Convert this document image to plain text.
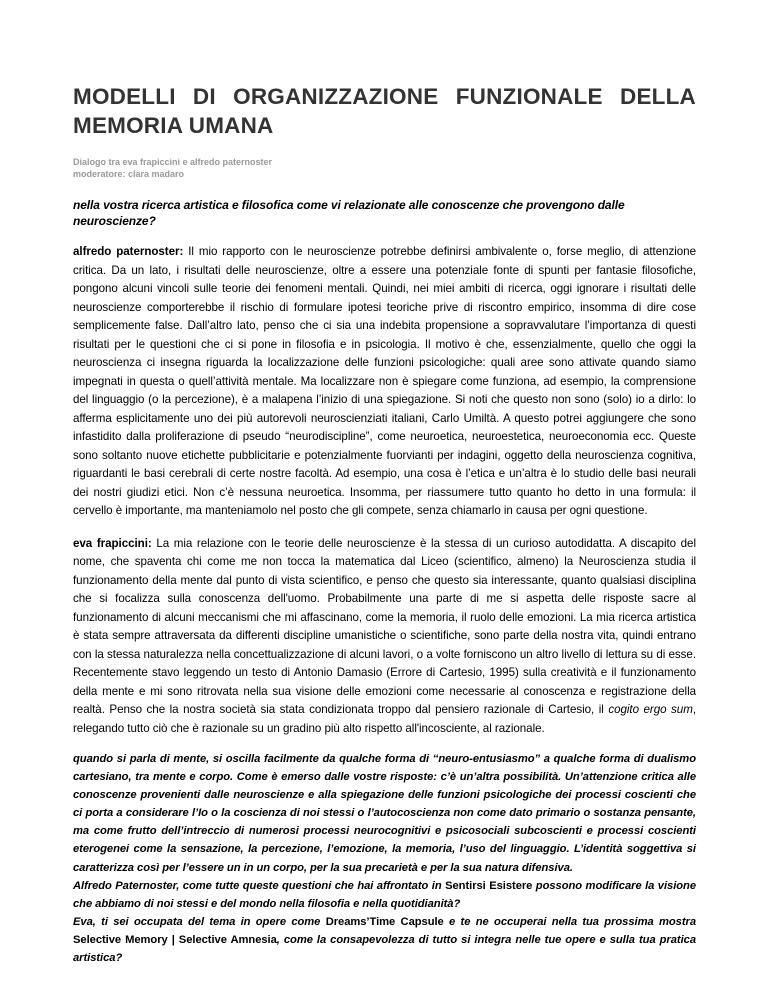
MODELLI DI ORGANIZZAZIONE FUNZIONALE DELLA MEMORIA UMANA
Dialogo tra eva frapiccini e alfredo paternoster
moderatore: clara madaro
nella vostra ricerca artistica e filosofica come vi relazionate alle conoscenze che provengono dalle neuroscienze?

alfredo paternoster: Il mio rapporto con le neuroscienze potrebbe definirsi ambivalente o, forse meglio, di attenzione critica. Da un lato, i risultati delle neuroscienze, oltre a essere una potenziale fonte di spunti per fantasie filosofiche, pongono alcuni vincoli sulle teorie dei fenomeni mentali. Quindi, nei miei ambiti di ricerca, oggi ignorare i risultati delle neuroscienze comporterebbe il rischio di formulare ipotesi teoriche prive di riscontro empirico, insomma di dire cose semplicemente false. Dall’altro lato, penso che ci sia una indebita propensione a sopravvalutare l’importanza di questi risultati per le questioni che ci si pone in filosofia e in psicologia. Il motivo è che, essenzialmente, quello che oggi la neuroscienza ci insegna riguarda la localizzazione delle funzioni psicologiche: quali aree sono attivate quando siamo impegnati in questa o quell’attività mentale. Ma localizzare non è spiegare come funziona, ad esempio, la comprensione del linguaggio (o la percezione), è a malapena l’inizio di una spiegazione. Si noti che questo non sono (solo) io a dirlo: lo afferma esplicitamente uno dei più autorevoli neuroscienziati italiani, Carlo Umiltà. A questo potrei aggiungere che sono infastidito dalla proliferazione di pseudo “neurodiscipline”, come neuroetica, neuroestetica, neuroeconomia ecc. Queste sono soltanto nuove etichette pubblicitarie e potenzialmente fuorvianti per indagini, oggetto della neuroscienza cognitiva, riguardanti le basi cerebrali di certe nostre facoltà. Ad esempio, una cosa è l’etica e un’altra è lo studio delle basi neurali dei nostri giudizi etici. Non c’è nessuna neuroetica. Insomma, per riassumere tutto quanto ho detto in una formula: il cervello è importante, ma manteniamolo nel posto che gli compete, senza chiamarlo in causa per ogni questione.

eva frapiccini: La mia relazione con le teorie delle neuroscienze è la stessa di un curioso autodidatta. A discapito del nome, che spaventa chi come me non tocca la matematica dal Liceo (scientifico, almeno) la Neuroscienza studia il funzionamento della mente dal punto di vista scientifico, e penso che questo sia interessante, quanto qualsiasi disciplina che si focalizza sulla conoscenza dell'uomo. Probabilmente una parte di me si aspetta delle risposte sacre al funzionamento di alcuni meccanismi che mi affascinano, come la memoria, il ruolo delle emozioni. La mia ricerca artistica è stata sempre attraversata da differenti discipline umanistiche o scientifiche, sono parte della nostra vita, quindi entrano con la stessa naturalezza nella concettualizzazione di alcuni lavori, o a volte forniscono un altro livello di lettura su di esse. Recentemente stavo leggendo un testo di Antonio Damasio (Errore di Cartesio, 1995) sulla creatività e il funzionamento della mente e mi sono ritrovata nella sua visione delle emozioni come necessarie al conoscenza e registrazione della realtà. Penso che la nostra società sia stata condizionata troppo dal pensiero razionale di Cartesio, il cogito ergo sum, relegando tutto ciò che è razionale su un gradino più alto rispetto all'incosciente, al razionale.

quando si parla di mente, si oscilla facilmente da qualche forma di “neuro-entusiasmo” a qualche forma di dualismo cartesiano, tra mente e corpo. Come è emerso dalle vostre risposte: c’è un’altra possibilità. Un’attenzione critica alle conoscenze provenienti dalle neuroscienze e alla spiegazione delle funzioni psicologiche dei processi coscienti che ci porta a considerare l’Io o la coscienza di noi stessi o l’autocoscienza non come dato primario o sostanza pensante, ma come frutto dell’intreccio di numerosi processi neurocognitivi e psicosociali subcoscienti e processi coscienti eterogenei come la sensazione, la percezione, l’emozione, la memoria, l’uso del linguaggio. L’identità soggettiva si caratterizza così per l’essere un in un corpo, per la sua precarietà e per la sua natura difensiva.
Alfredo Paternoster, come tutte queste questioni che hai affrontato in Sentirsi Esistere possono modificare la visione che abbiamo di noi stessi e del mondo nella filosofia e nella quotidianità?
Eva, ti sei occupata del tema in opere come Dreams’Time Capsule e te ne occuperai nella tua prossima mostra Selective Memory | Selective Amnesia, come la consapevolezza di tutto si integra nelle tue opere e sulla tua pratica artistica?
